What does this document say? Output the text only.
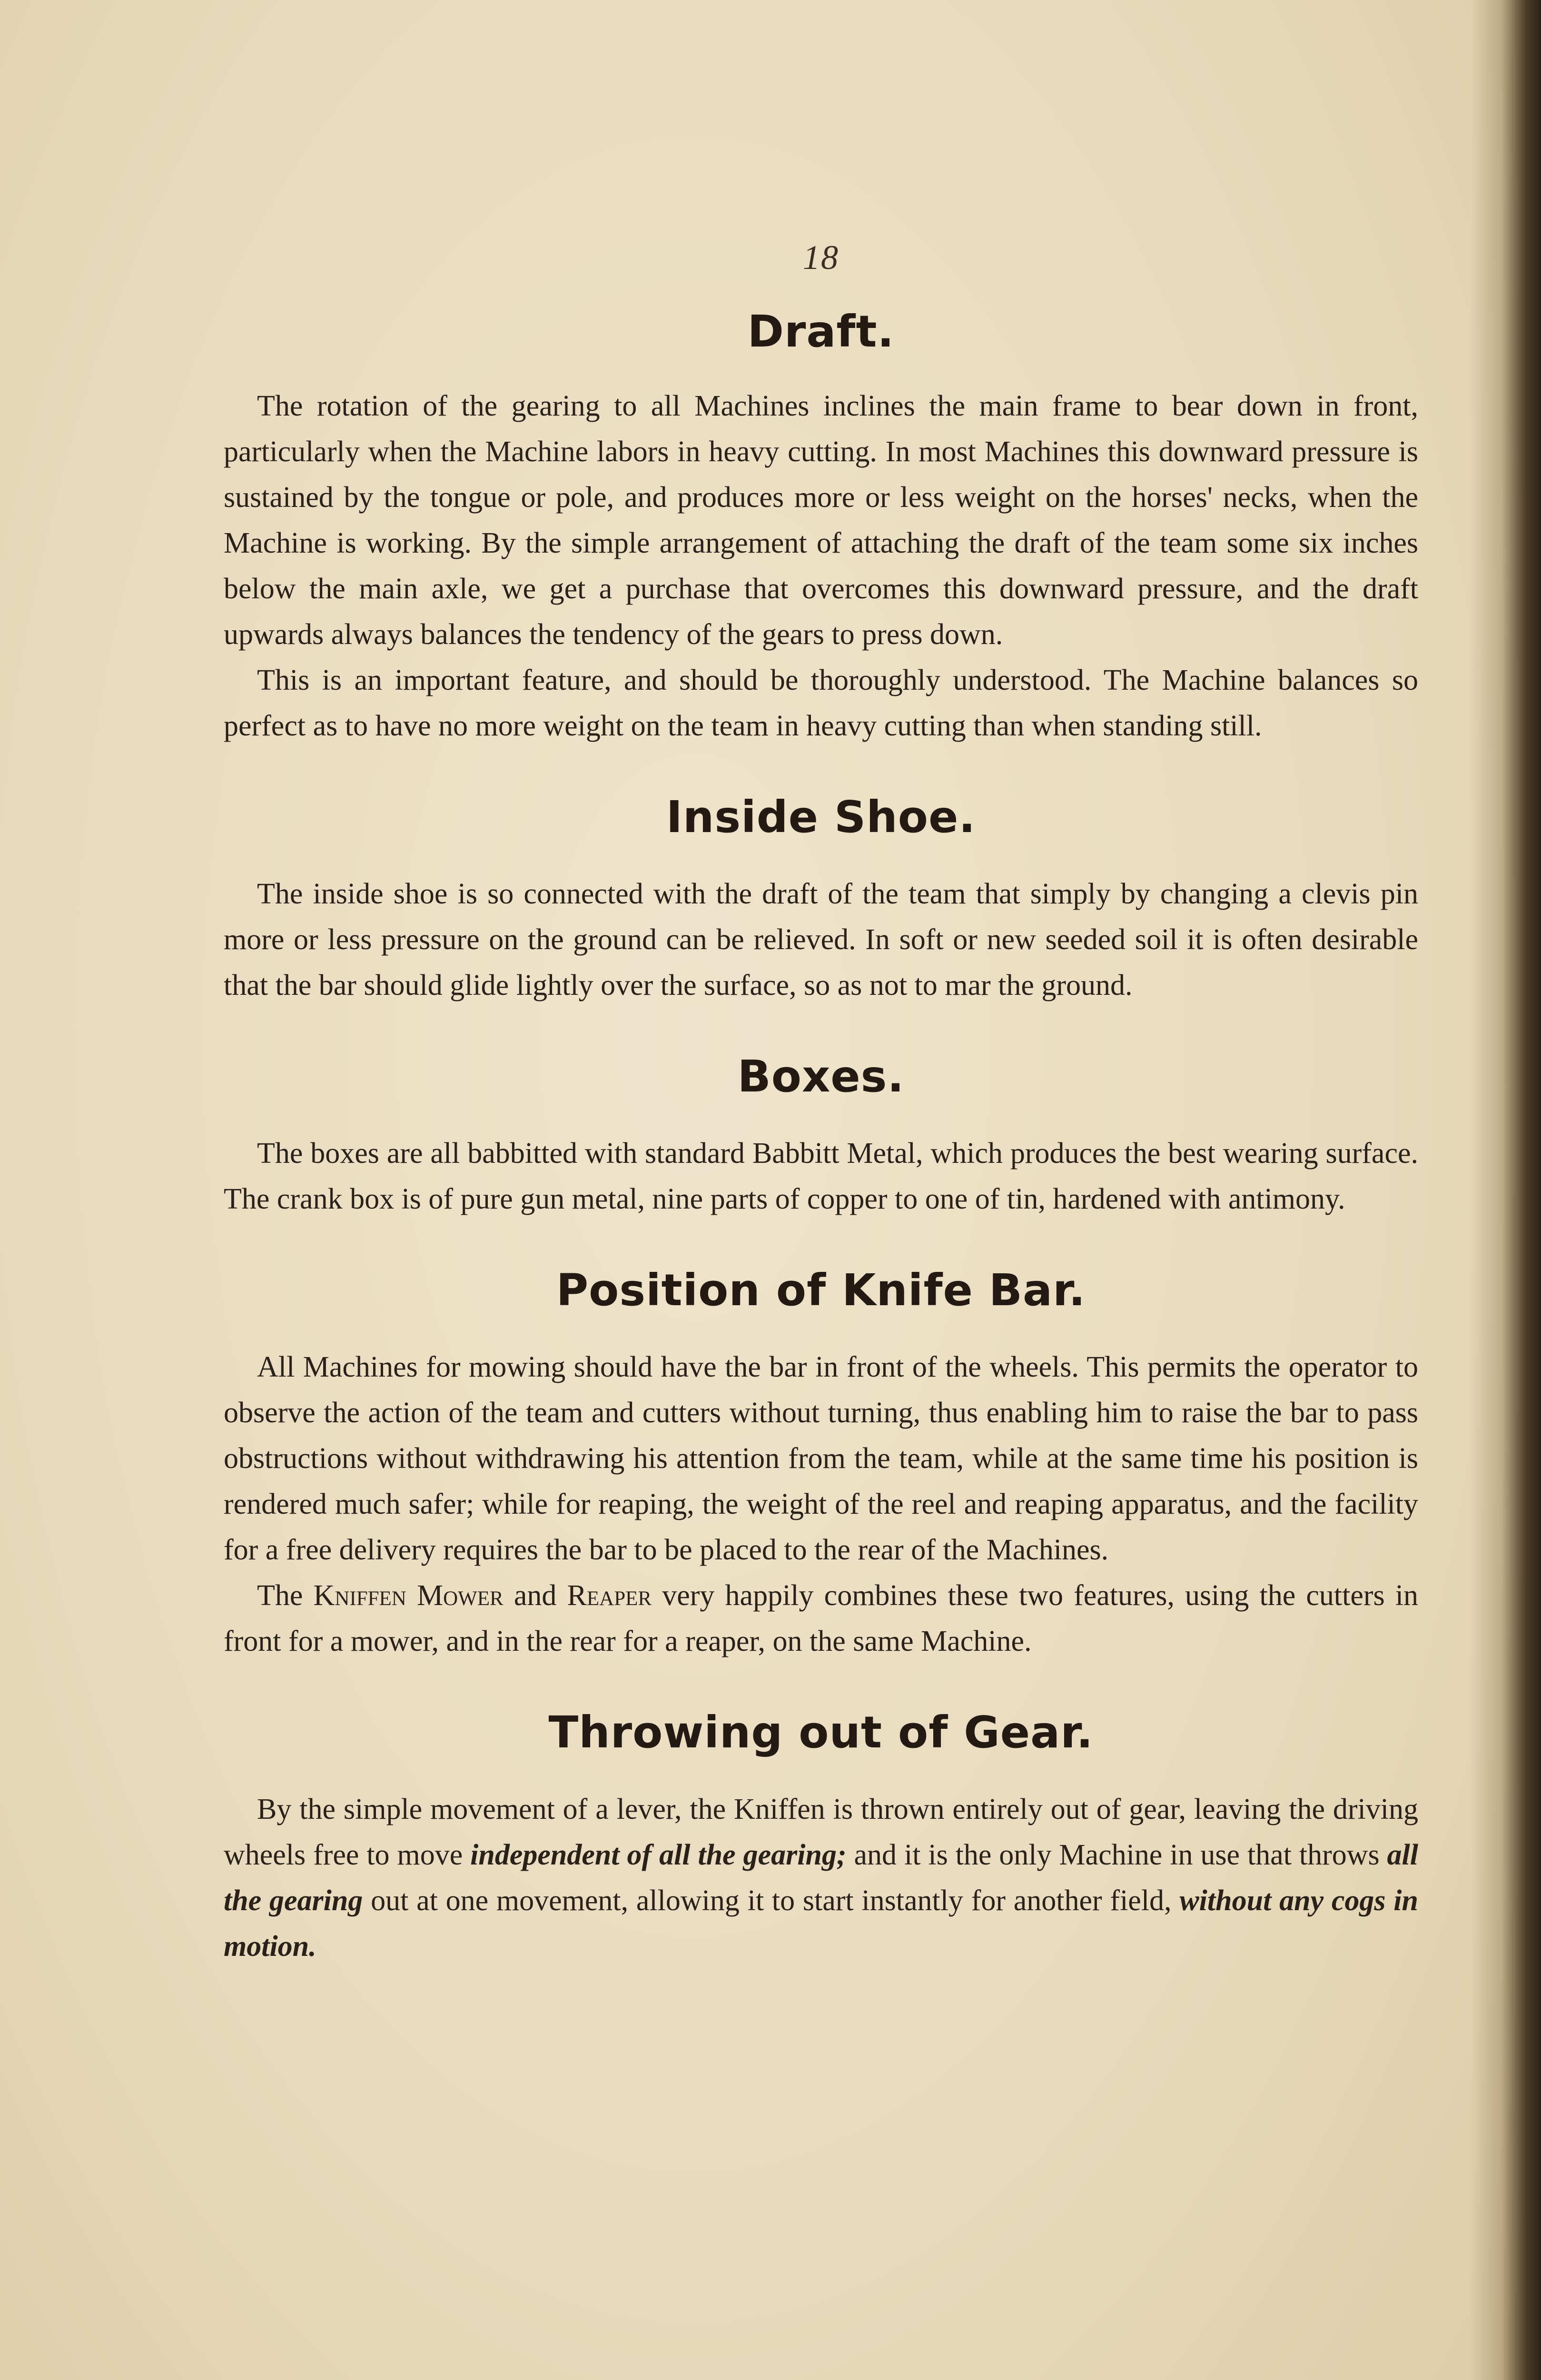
18
Draft.

The rotation of the gearing to all Machines inclines the main frame to bear down in front, particularly when the Machine labors in heavy cutting. In most Machines this downward pressure is sustained by the tongue or pole, and produces more or less weight on the horses' necks, when the Machine is working. By the simple arrangement of attaching the draft of the team some six inches below the main axle, we get a purchase that overcomes this downward pressure, and the draft upwards always balances the tendency of the gears to press down.

This is an important feature, and should be thoroughly understood. The Machine balances so perfect as to have no more weight on the team in heavy cutting than when standing still.

Inside Shoe.

The inside shoe is so connected with the draft of the team that simply by changing a clevis pin more or less pressure on the ground can be relieved. In soft or new seeded soil it is often desirable that the bar should glide lightly over the surface, so as not to mar the ground.

Boxes.

The boxes are all babbitted with standard Babbitt Metal, which produces the best wearing surface. The crank box is of pure gun metal, nine parts of copper to one of tin, hardened with antimony.

Position of Knife Bar.

All Machines for mowing should have the bar in front of the wheels. This permits the operator to observe the action of the team and cutters without turning, thus enabling him to raise the bar to pass obstructions without withdrawing his attention from the team, while at the same time his position is rendered much safer; while for reaping, the weight of the reel and reaping apparatus, and the facility for a free delivery requires the bar to be placed to the rear of the Machines.

The Kniffen Mower and Reaper very happily combines these two features, using the cutters in front for a mower, and in the rear for a reaper, on the same Machine.

Throwing out of Gear.

By the simple movement of a lever, the Kniffen is thrown entirely out of gear, leaving the driving wheels free to move independent of all the gearing; and it is the only Machine in use that throws all the gearing out at one movement, allowing it to start instantly for another field, without any cogs in motion.
